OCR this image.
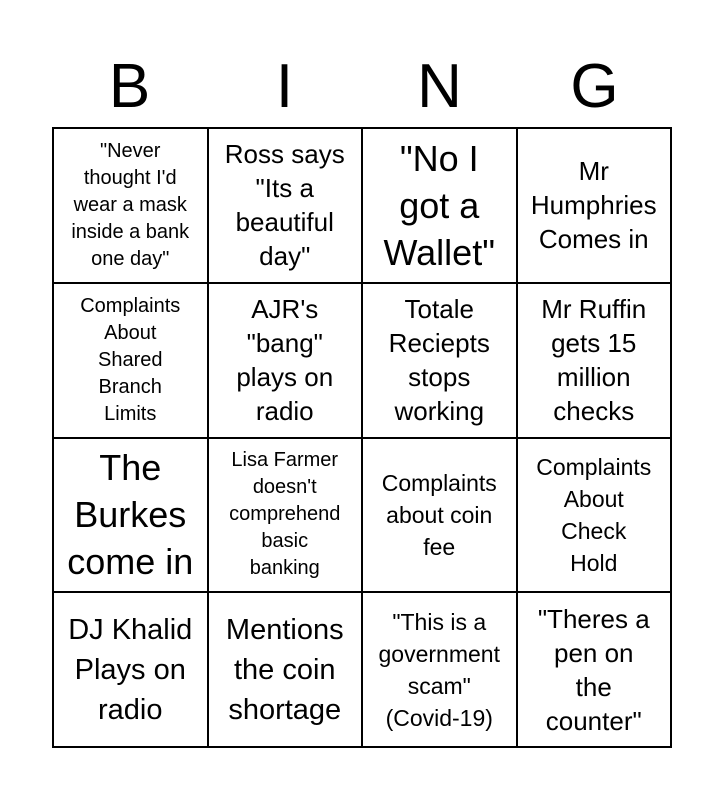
B	I	N	G
"Never
thought I'd
wear a mask
inside a bank
one day"
Ross says
"Its a
beautiful
day"
"No I
got a
Wallet"
Mr
Humphries
Comes in
Complaints
About
Shared
Branch
Limits
AJR's
"bang"
plays on
radio
Totale
Reciepts
stops
working
Mr Ruffin
gets 15
million
checks
The
Burkes
come in
Lisa Farmer
doesn't
comprehend
basic
banking
Complaints
about coin
fee
Complaints
About
Check
Hold
DJ Khalid
Plays on
radio
Mentions
the coin
shortage
"This is a
government
scam"
(Covid-19)
"Theres a
pen on
the
counter"
